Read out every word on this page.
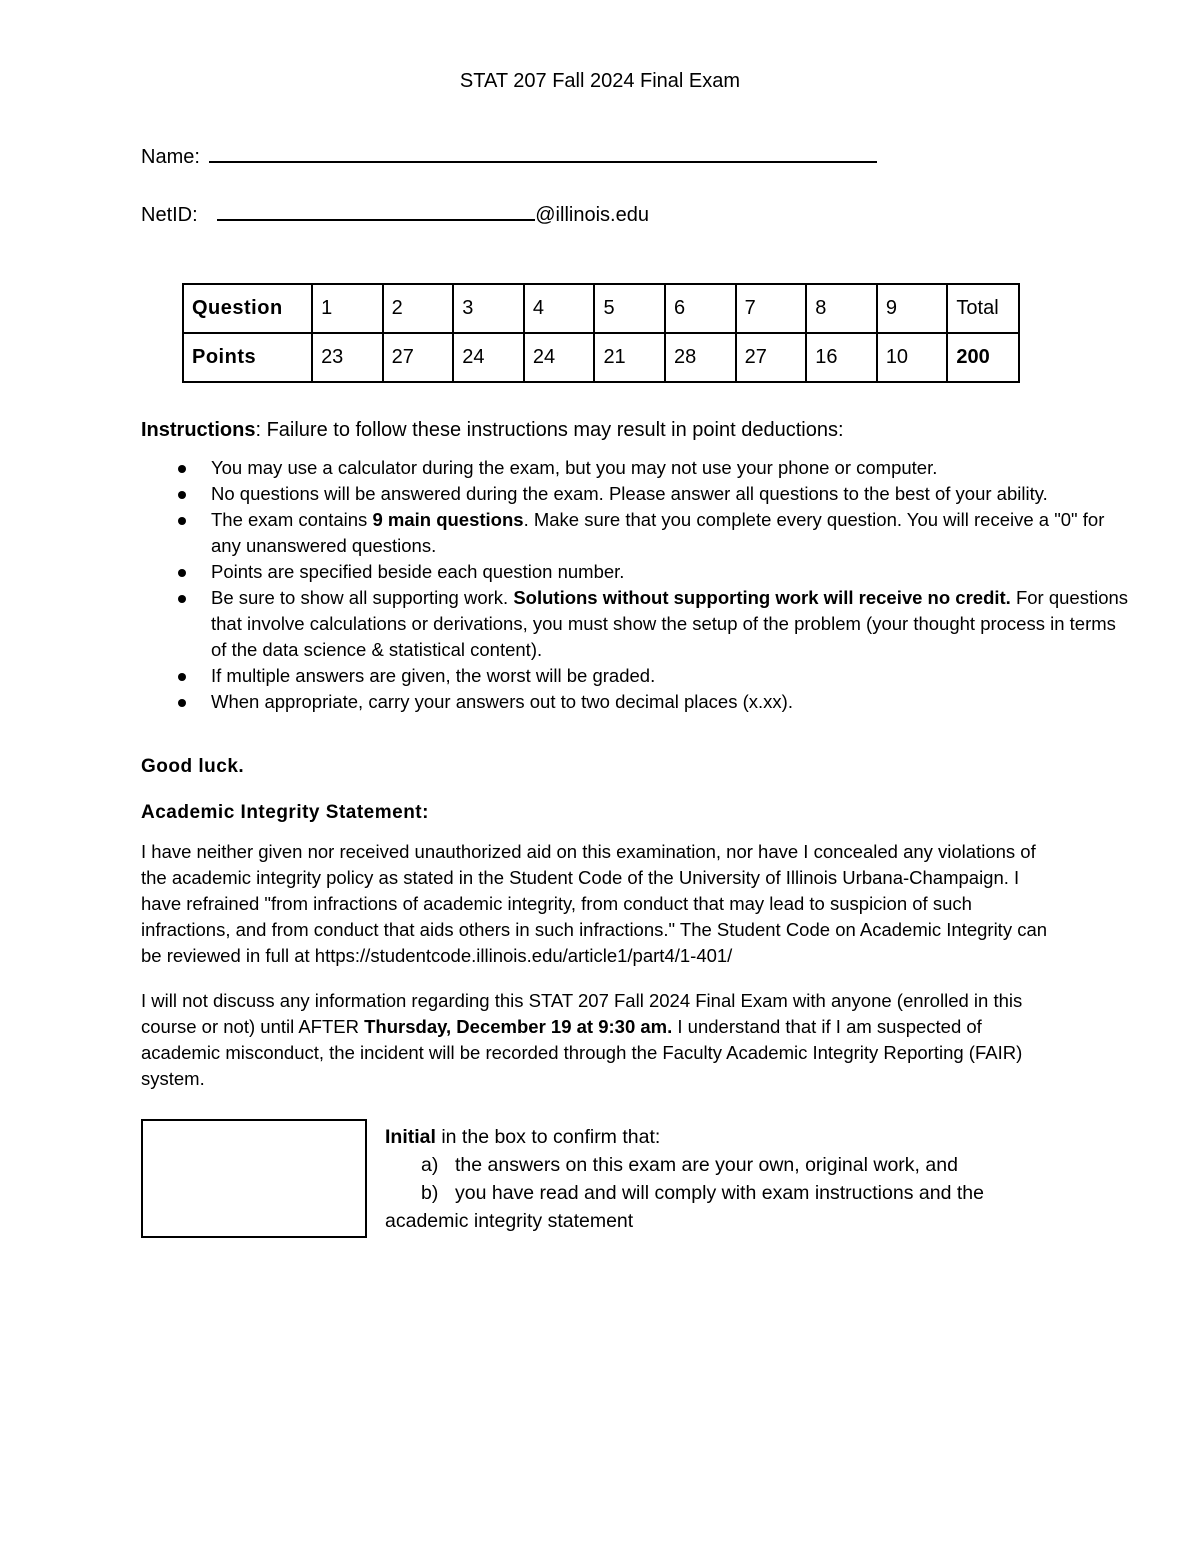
STAT 207 Fall 2024 Final Exam
Name:
NetID:	@illinois.edu
Question	1	2	3	4	5	6	7	8	9	Total
Points	23	27	24	24	21	28	27	16	10	200
Instructions: Failure to follow these instructions may result in point deductions:
You may use a calculator during the exam, but you may not use your phone or computer.
No questions will be answered during the exam. Please answer all questions to the best of your ability.
The exam contains 9 main questions. Make sure that you complete every question. You will receive a "0" for any unanswered questions.
Points are specified beside each question number.
Be sure to show all supporting work. Solutions without supporting work will receive no credit. For questions that involve calculations or derivations, you must show the setup of the problem (your thought process in terms of the data science & statistical content).
If multiple answers are given, the worst will be graded.
When appropriate, carry your answers out to two decimal places (x.xx).
Good luck.
Academic Integrity Statement:
I have neither given nor received unauthorized aid on this examination, nor have I concealed any violations of the academic integrity policy as stated in the Student Code of the University of Illinois Urbana-Champaign. I have refrained "from infractions of academic integrity, from conduct that may lead to suspicion of such infractions, and from conduct that aids others in such infractions." The Student Code on Academic Integrity can be reviewed in full at https://studentcode.illinois.edu/article1/part4/1-401/
I will not discuss any information regarding this STAT 207 Fall 2024 Final Exam with anyone (enrolled in this course or not) until AFTER Thursday, December 19 at 9:30 am. I understand that if I am suspected of academic misconduct, the incident will be recorded through the Faculty Academic Integrity Reporting (FAIR) system.
Initial in the box to confirm that:
a) the answers on this exam are your own, original work, and
b) you have read and will comply with exam instructions and the
academic integrity statement
